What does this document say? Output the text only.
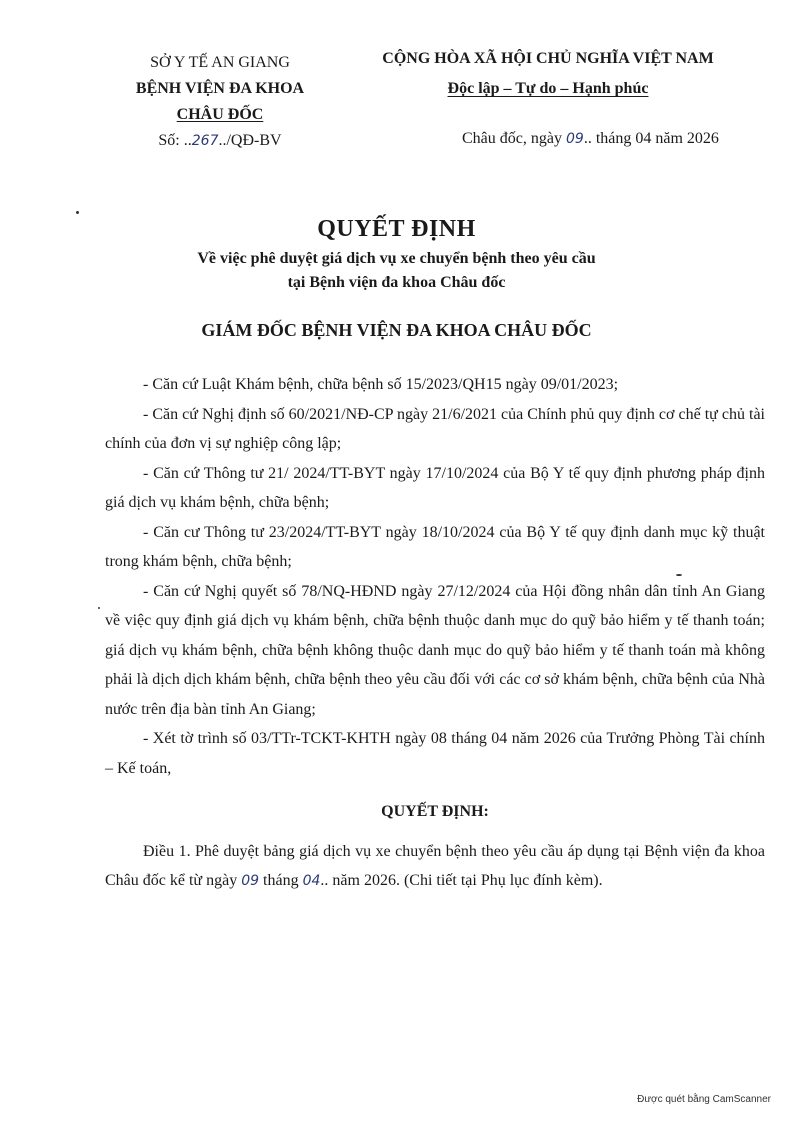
SỞ Y TẾ AN GIANG
BỆNH VIỆN ĐA KHOA
CHÂU ĐỐC
Số: ..267../QĐ-BV
CỘNG HÒA XÃ HỘI CHỦ NGHĨA VIỆT NAM
Độc lập – Tự do – Hạnh phúc
Châu đốc, ngày 09.. tháng 04 năm 2026
QUYẾT ĐỊNH
Về việc phê duyệt giá dịch vụ xe chuyển bệnh theo yêu cầu
tại Bệnh viện đa khoa Châu đốc
GIÁM ĐỐC BỆNH VIỆN ĐA KHOA CHÂU ĐỐC

- Căn cứ Luật Khám bệnh, chữa bệnh số 15/2023/QH15 ngày 09/01/2023;

- Căn cứ Nghị định số 60/2021/NĐ-CP ngày 21/6/2021 của Chính phủ quy định cơ chế tự chủ tài chính của đơn vị sự nghiệp công lập;

- Căn cứ Thông tư 21/ 2024/TT-BYT ngày 17/10/2024 của Bộ Y tế quy định phương pháp định giá dịch vụ khám bệnh, chữa bệnh;

- Căn cư Thông tư 23/2024/TT-BYT ngày 18/10/2024 của Bộ Y tế quy định danh mục kỹ thuật trong khám bệnh, chữa bệnh;

- Căn cứ Nghị quyết số 78/NQ-HĐND ngày 27/12/2024 của Hội đồng nhân dân tỉnh An Giang về việc quy định giá dịch vụ khám bệnh, chữa bệnh thuộc danh mục do quỹ bảo hiểm y tế thanh toán; giá dịch vụ khám bệnh, chữa bệnh không thuộc danh mục do quỹ bảo hiểm y tế thanh toán mà không phải là dịch dịch khám bệnh, chữa bệnh theo yêu cầu đối với các cơ sở khám bệnh, chữa bệnh của Nhà nước trên địa bàn tỉnh An Giang;

- Xét tờ trình số 03/TTr-TCKT-KHTH ngày 08 tháng 04 năm 2026 của Trưởng Phòng Tài chính – Kế toán,

QUYẾT ĐỊNH:

Điều 1. Phê duyệt bảng giá dịch vụ xe chuyển bệnh theo yêu cầu áp dụng tại Bệnh viện đa khoa Châu đốc kể từ ngày 09 tháng 04.. năm 2026. (Chi tiết tại Phụ lục đính kèm).

Được quét bằng CamScanner
